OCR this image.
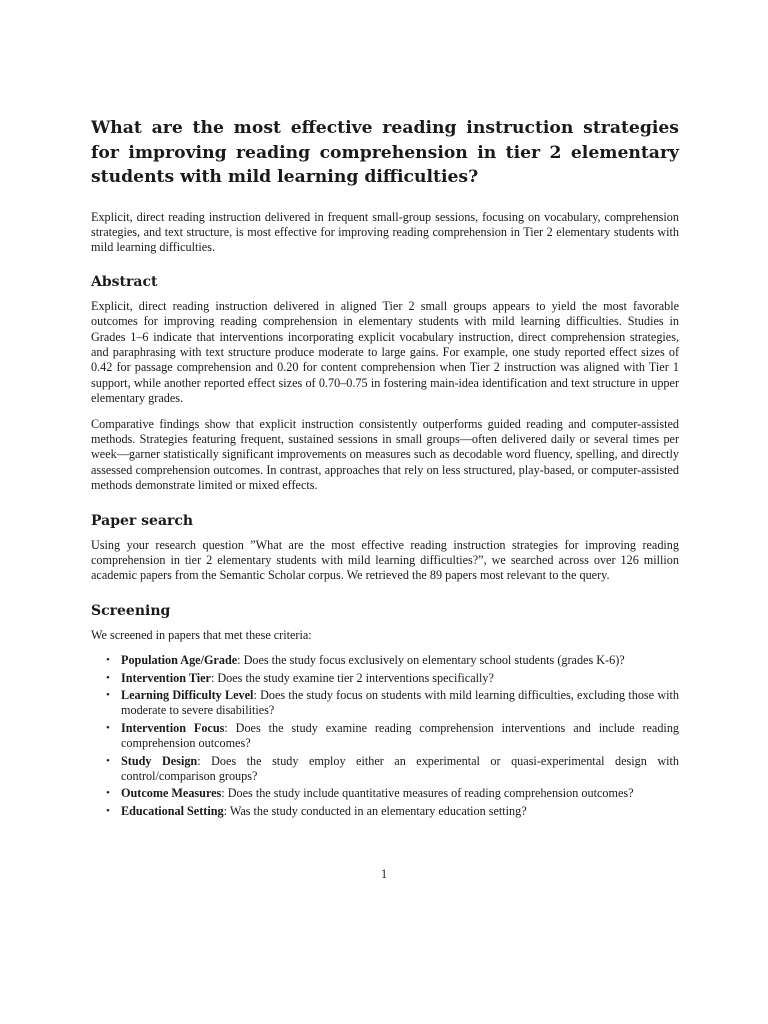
What are the most effective reading instruction strategies for improving reading comprehension in tier 2 elementary students with mild learning difficulties?

Explicit, direct reading instruction delivered in frequent small-group sessions, focusing on vocabulary, comprehension strategies, and text structure, is most effective for improving reading comprehension in Tier 2 elementary students with mild learning difficulties.

Abstract

Explicit, direct reading instruction delivered in aligned Tier 2 small groups appears to yield the most favorable outcomes for improving reading comprehension in elementary students with mild learning difficulties. Studies in Grades 1–6 indicate that interventions incorporating explicit vocabulary instruction, direct comprehension strategies, and paraphrasing with text structure produce moderate to large gains. For example, one study reported effect sizes of 0.42 for passage comprehension and 0.20 for content comprehension when Tier 2 instruction was aligned with Tier 1 support, while another reported effect sizes of 0.70–0.75 in fostering main-idea identification and text structure in upper elementary grades.

Comparative findings show that explicit instruction consistently outperforms guided reading and computer-assisted methods. Strategies featuring frequent, sustained sessions in small groups—often delivered daily or several times per week—garner statistically significant improvements on measures such as decodable word fluency, spelling, and directly assessed comprehension outcomes. In contrast, approaches that rely on less structured, play-based, or computer-assisted methods demonstrate limited or mixed effects.

Paper search

Using your research question ”What are the most effective reading instruction strategies for improving reading comprehension in tier 2 elementary students with mild learning difficulties?”, we searched across over 126 million academic papers from the Semantic Scholar corpus. We retrieved the 89 papers most relevant to the query.

Screening

We screened in papers that met these criteria:

• Population Age/Grade: Does the study focus exclusively on elementary school students (grades K-6)?
• Intervention Tier: Does the study examine tier 2 interventions specifically?
• Learning Difficulty Level: Does the study focus on students with mild learning difficulties, excluding those with moderate to severe disabilities?
• Intervention Focus: Does the study examine reading comprehension interventions and include reading comprehension outcomes?
• Study Design: Does the study employ either an experimental or quasi-experimental design with control/comparison groups?
• Outcome Measures: Does the study include quantitative measures of reading comprehension outcomes?
• Educational Setting: Was the study conducted in an elementary education setting?
1
